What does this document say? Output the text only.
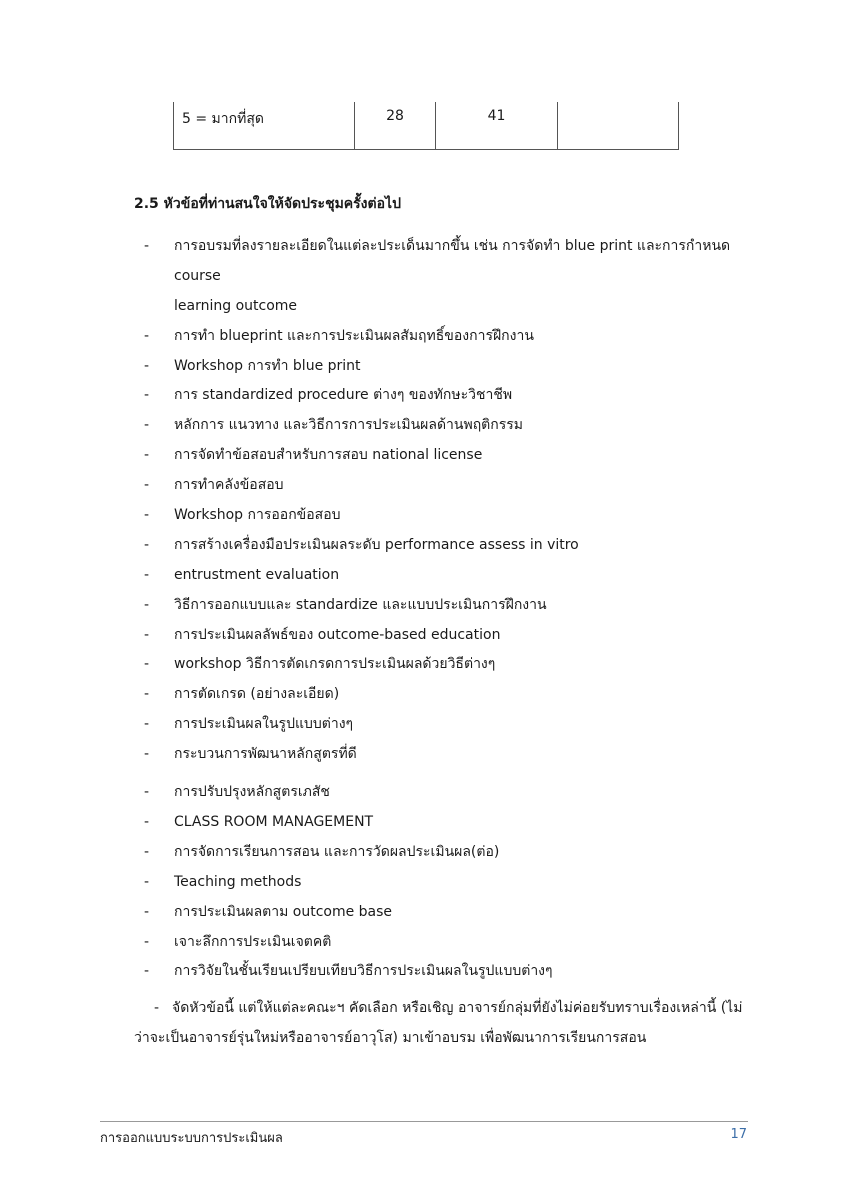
5 = มากที่สุด	28	41	
2.5 หัวข้อที่ท่านสนใจให้จัดประชุมครั้งต่อไป
- การอบรมที่ลงรายละเอียดในแต่ละประเด็นมากขึ้น เช่น การจัดทำ blue print และการกำหนด
course
learning outcome
- การทำ blueprint และการประเมินผลสัมฤทธิ์ของการฝึกงาน
- Workshop การทำ blue print
- การ standardized procedure ต่างๆ ของทักษะวิชาชีพ
- หลักการ แนวทาง และวิธีการการประเมินผลด้านพฤติกรรม
- การจัดทำข้อสอบสำหรับการสอบ national license
- การทำคลังข้อสอบ
- Workshop การออกข้อสอบ
- การสร้างเครื่องมือประเมินผลระดับ performance assess in vitro
- entrustment evaluation
- วิธีการออกแบบและ standardize และแบบประเมินการฝึกงาน
- การประเมินผลลัพธ์ของ outcome-based education
- workshop วิธีการตัดเกรดการประเมินผลด้วยวิธีต่างๆ
- การตัดเกรด (อย่างละเอียด)
- การประเมินผลในรูปแบบต่างๆ
- กระบวนการพัฒนาหลักสูตรที่ดี
- การปรับปรุงหลักสูตรเภสัช
- CLASS ROOM MANAGEMENT
- การจัดการเรียนการสอน และการวัดผลประเมินผล(ต่อ)
- Teaching methods
- การประเมินผลตาม outcome base
- เจาะลึกการประเมินเจตคติ
- การวิจัยในชั้นเรียนเปรียบเทียบวิธีการประเมินผลในรูปแบบต่างๆ

- จัดหัวข้อนี้ แต่ให้แต่ละคณะฯ คัดเลือก หรือเชิญ อาจารย์กลุ่มที่ยังไม่ค่อยรับทราบเรื่องเหล่านี้ (ไม่ว่าจะเป็นอาจารย์รุ่นใหม่หรืออาจารย์อาวุโส) มาเข้าอบรม เพื่อพัฒนาการเรียนการสอน

การออกแบบระบบการประเมินผล	17
